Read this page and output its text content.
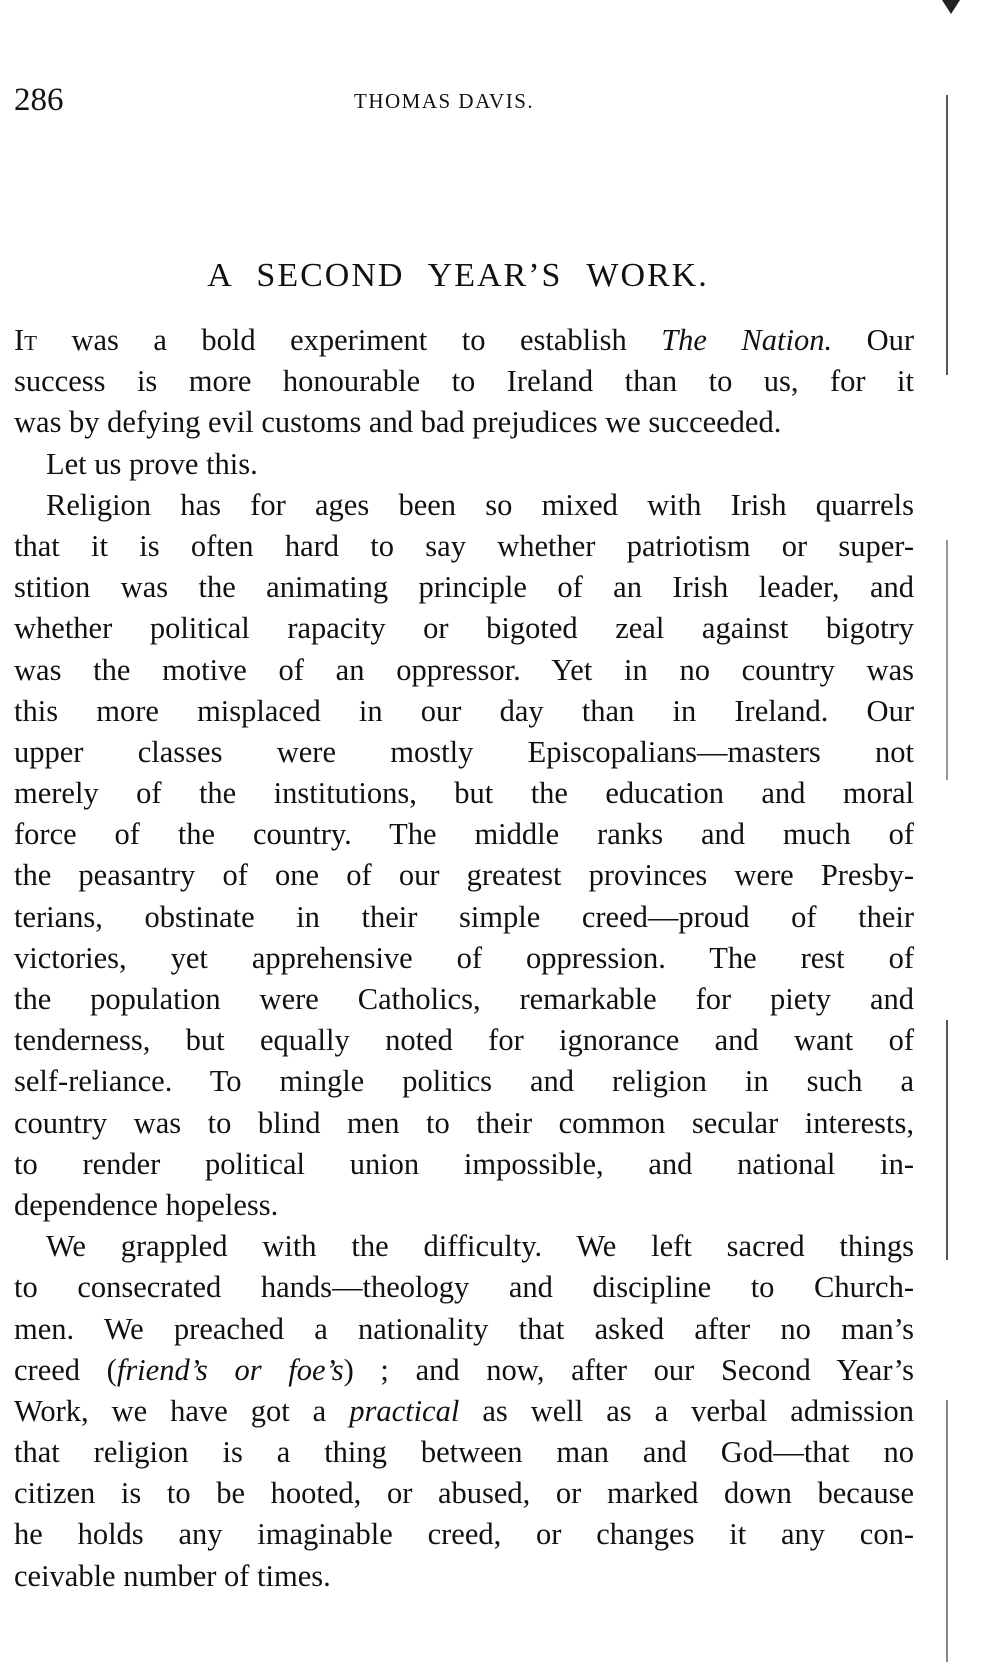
286	THOMAS DAVIS.
A SECOND YEAR’S WORK.
It was a bold experiment to establish The Nation. Our
success is more honourable to Ireland than to us, for it
was by defying evil customs and bad prejudices we succeeded.
Let us prove this.
Religion has for ages been so mixed with Irish quarrels
that it is often hard to say whether patriotism or super-
stition was the animating principle of an Irish leader, and
whether political rapacity or bigoted zeal against bigotry
was the motive of an oppressor. Yet in no country was
this more misplaced in our day than in Ireland. Our
upper classes were mostly Episcopalians—masters not
merely of the institutions, but the education and moral
force of the country. The middle ranks and much of
the peasantry of one of our greatest provinces were Presby-
terians, obstinate in their simple creed—proud of their
victories, yet apprehensive of oppression. The rest of
the population were Catholics, remarkable for piety and
tenderness, but equally noted for ignorance and want of
self-reliance. To mingle politics and religion in such a
country was to blind men to their common secular interests,
to render political union impossible, and national in-
dependence hopeless.
We grappled with the difficulty. We left sacred things
to consecrated hands—theology and discipline to Church-
men. We preached a nationality that asked after no man’s
creed (friend’s or foe’s) ; and now, after our Second Year’s
Work, we have got a practical as well as a verbal admission
that religion is a thing between man and God—that no
citizen is to be hooted, or abused, or marked down because
he holds any imaginable creed, or changes it any con-
ceivable number of times.
